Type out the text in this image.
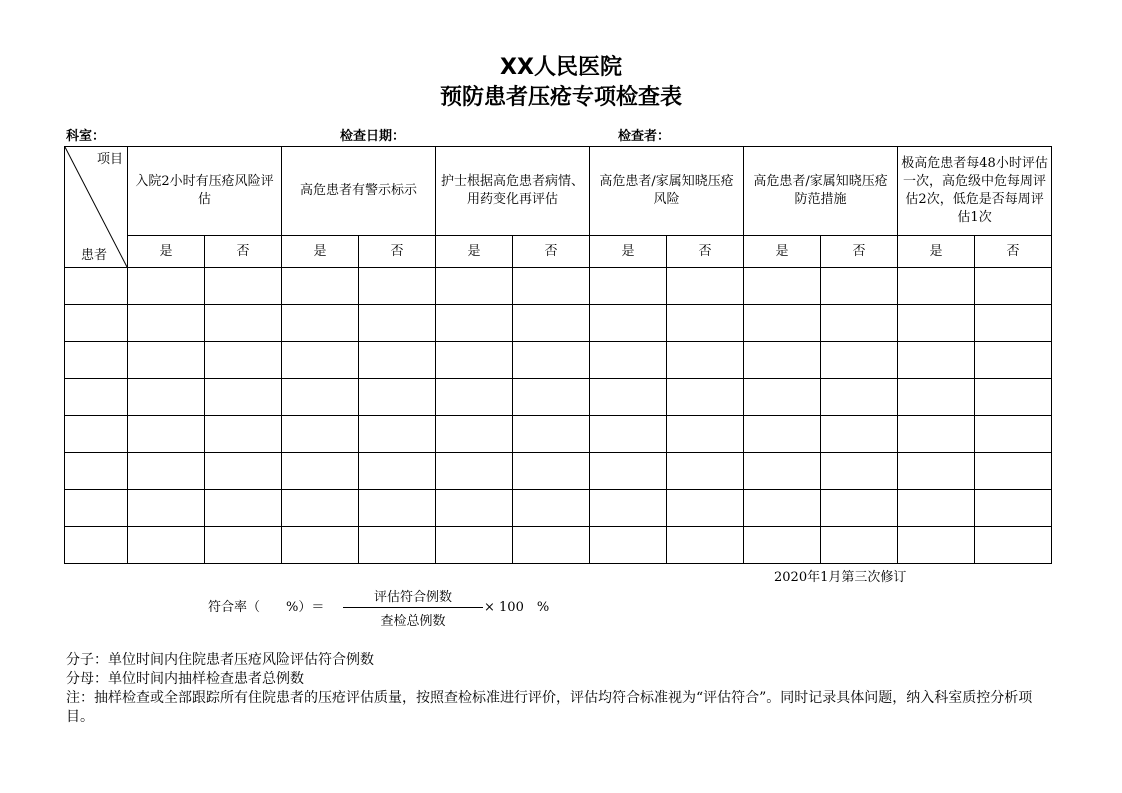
XX人民医院
预防患者压疮专项检查表
科室：	检查日期：	检查者：
项目
患者	入院2小时有压疮风险评估		高危患者有警示标示		护士根据高危患者病情、用药变化再评估		高危患者/家属知晓压疮风险		高危患者/家属知晓压疮防范措施		极高危患者每48小时评估一次，高危级中危每周评估2次，低危是否每周评估1次	
	是	否	是	否	是	否	是	否	是	否	是	否

2020年1月第三次修订
符合率（　　%）＝
评估符合例数
查检总例数
× 100　%
分子：单位时间内住院患者压疮风险评估符合例数
分母：单位时间内抽样检查患者总例数
注：抽样检查或全部跟踪所有住院患者的压疮评估质量，按照查检标准进行评价，评估均符合标准视为“评估符合”。同时记录具体问题，纳入科室质控分析项目。
